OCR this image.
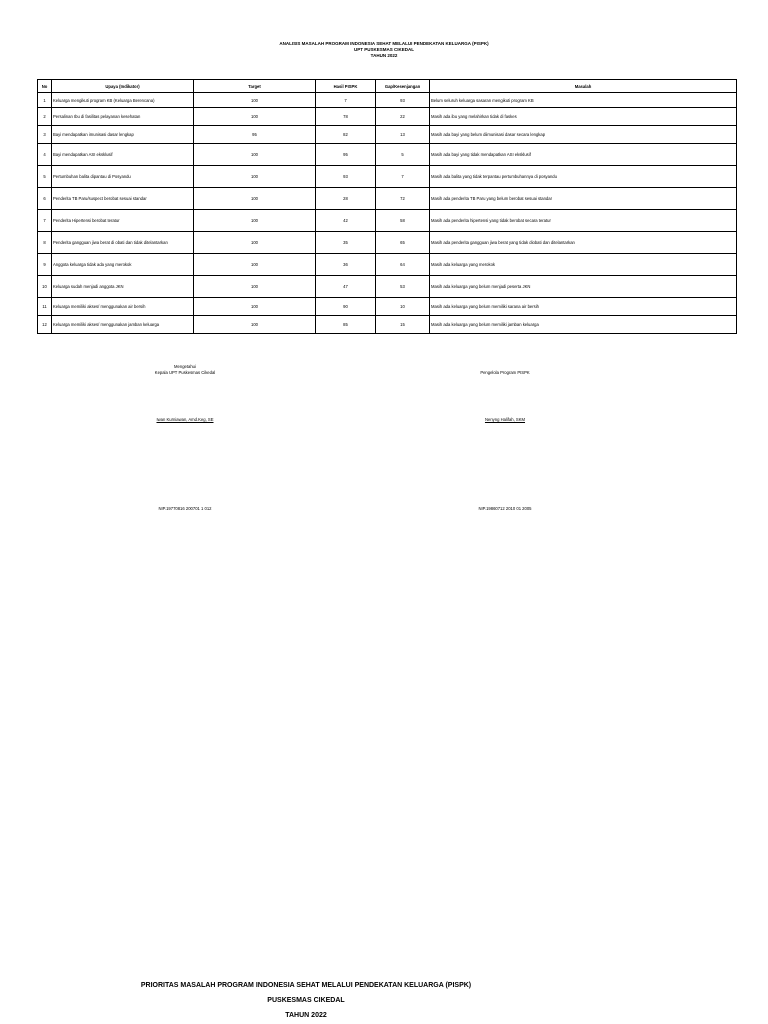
ANALISIS MASALAH PROGRAM INDONESIA SEHAT MELALUI PENDEKATAN KELUARGA (PISPK)
UPT PUSKESMAS CIKEDAL
TAHUN 2022
No	Upaya (Indikator)	Target	Hasil PISPK	Gap/Kesenjangan	Masalah
1	Keluarga mengikuti program KB (Keluarga Berencana)	100	7	93	Belum seluruh keluarga sasaran mengikuti program KB
2	Persalinan Ibu di fasilitas pelayanan kesehatan	100	78	22	Masih ada ibu yang melahirkan tidak di faskes
3	Bayi mendapatkan imunisasi dasar lengkap	95	82	13	Masih ada bayi yang belum diimunisasi dasar secara lengkap
4	Bayi mendapatkan ASI eksklusif	100	95	5	Masih ada bayi yang tidak mendapatkan ASI eksklusif
5	Pertumbuhan balita dipantau di Posyandu	100	93	7	Masih ada balita yang tidak terpantau pertumbuhannya di posyandu
6	Penderita TB Paru/suspect berobat sesuai standar	100	28	72	Masih ada penderita TB Paru yang belum berobat sesuai standar
7	Penderita Hipertensi berobat teratur	100	42	58	Masih ada penderita hipertensi yang tidak berobat secara teratur
8	Penderita gangguan jiwa berat di obati dan tidak ditelantarkan	100	35	65	Masih ada penderita gangguan jiwa berat yang tidak diobati dan ditelantarkan
9	Anggota keluarga tidak ada yang merokok	100	36	64	Masih ada keluarga yang merokok
10	Keluarga sudah menjadi anggota JKN	100	47	53	Masih ada keluarga yang belum menjadi peserta JKN
11	Keluarga memiliki akses/ menggunakan air bersih	100	90	10	Masih ada keluarga yang belum memiliki sarana air bersih
12	Keluarga memiliki akses/ menggunakan jamban keluarga	100	85	15	Masih ada keluarga yang belum memiliki jamban keluarga
Mengetahui
Kepala UPT Puskesmas Cikedal
Iwan Kurniawan, Amd.Keg, SE
NIP.19770816 200701 1 012
Pengelola Program PISPK
Nenyng Halifah, SKM
NIP.19860712 2010 01 2005
PRIORITAS MASALAH PROGRAM INDONESIA SEHAT MELALUI PENDEKATAN KELUARGA (PISPK)
PUSKESMAS CIKEDAL
TAHUN 2022
